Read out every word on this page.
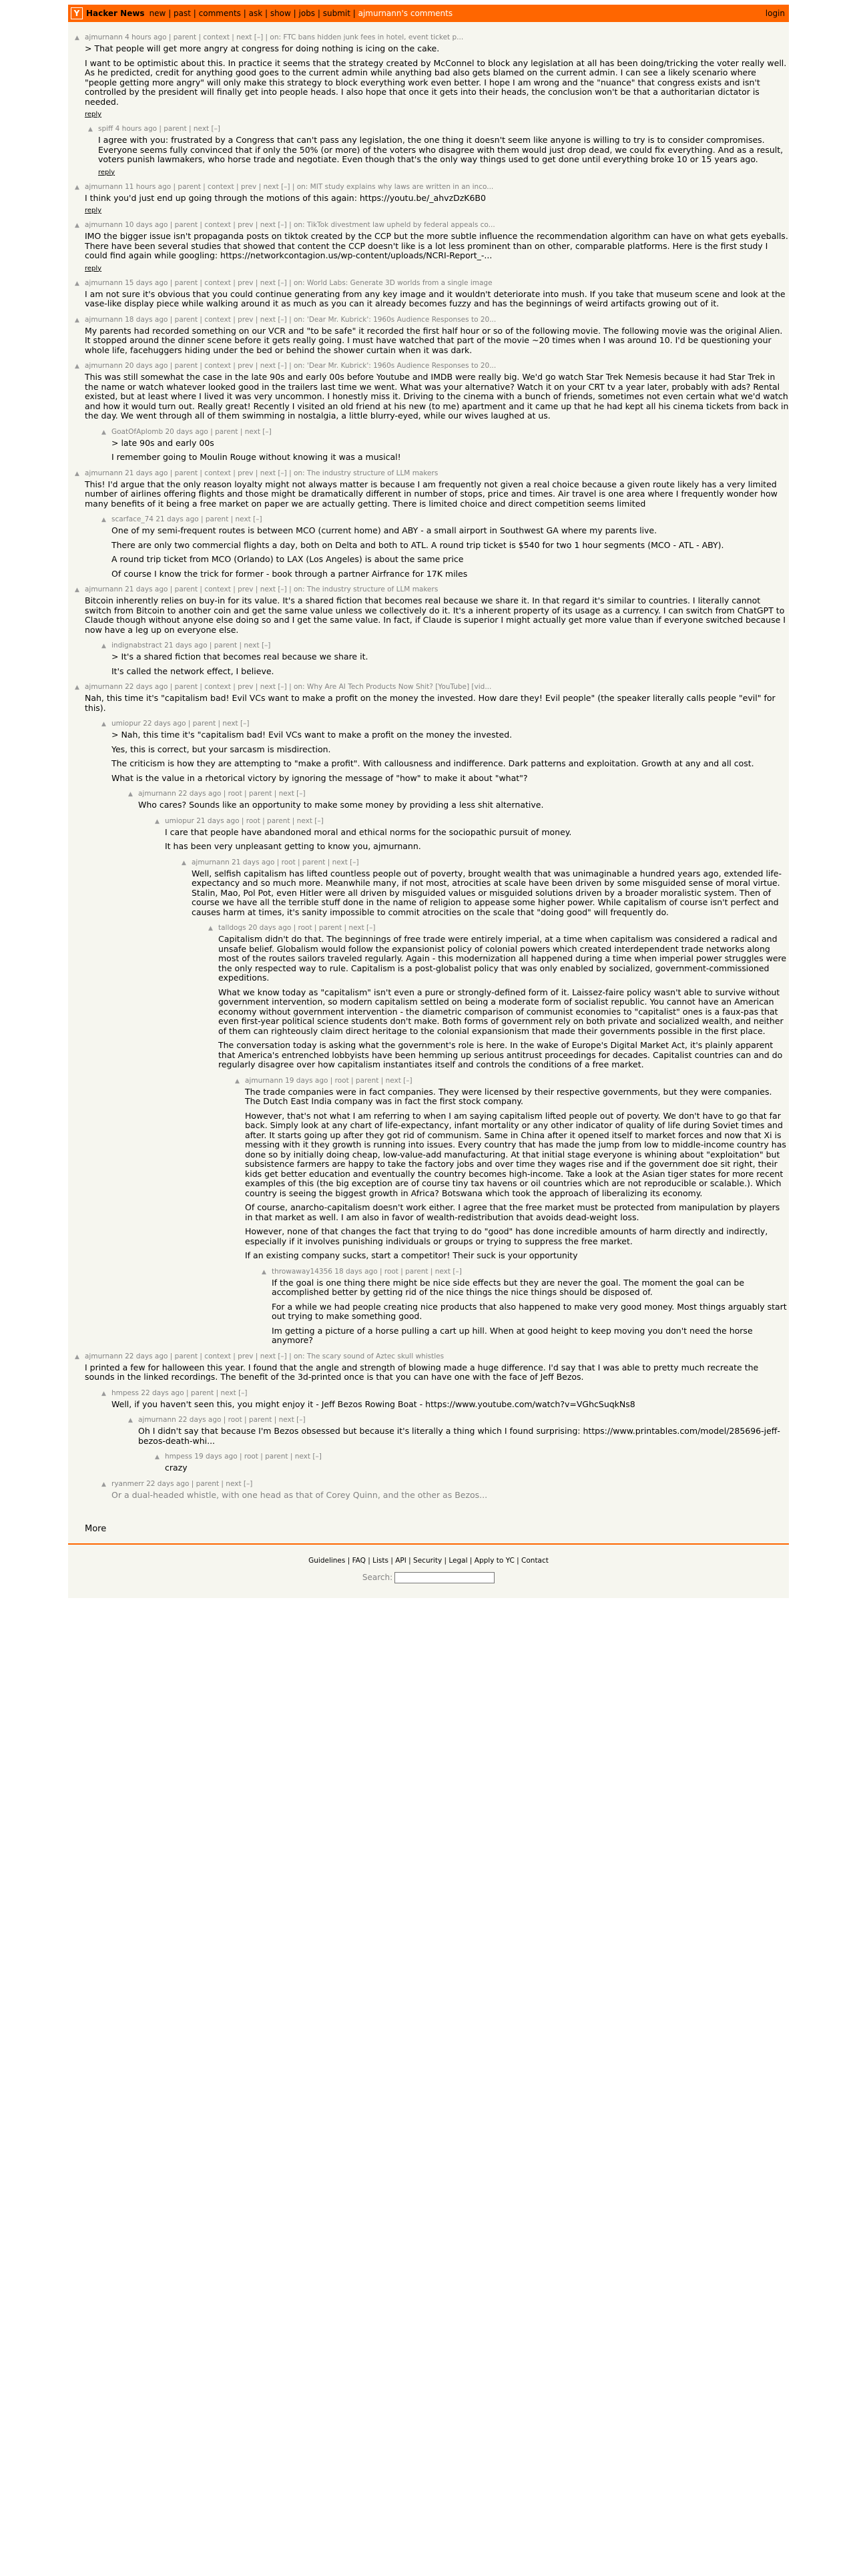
Y Hacker News new | past | comments | ask | show | jobs | submit | ajmurnann's comments	login
▲ ajmurnann 4 hours ago | parent | context | next [–] | on: FTC bans hidden junk fees in hotel, event ticket p...

> That people will get more angry at congress for doing nothing is icing on the cake.

I want to be optimistic about this. In practice it seems that the strategy created by McConnel to block any legislation at all has been doing/tricking the voter really well. As he predicted, credit for anything good goes to the current admin while anything bad also gets blamed on the current admin. I can see a likely scenario where "people getting more angry" will only make this strategy to block everything work even better. I hope I am wrong and the "nuance" that congress exists and isn't controlled by the president will finally get into people heads. I also hope that once it gets into their heads, the conclusion won't be that a authoritarian dictator is needed.

reply
▲ spiff 4 hours ago | parent | next [–]

I agree with you: frustrated by a Congress that can't pass any legislation, the one thing it doesn't seem like anyone is willing to try is to consider compromises. Everyone seems fully convinced that if only the 50% (or more) of the voters who disagree with them would just drop dead, we could fix everything. And as a result, voters punish lawmakers, who horse trade and negotiate. Even though that's the only way things used to get done until everything broke 10 or 15 years ago.

reply
▲ ajmurnann 11 hours ago | parent | context | prev | next [–] | on: MIT study explains why laws are written in an inco...

I think you'd just end up going through the motions of this again: https://youtu.be/_ahvzDzK6B0

reply
▲ ajmurnann 10 days ago | parent | context | prev | next [–] | on: TikTok divestment law upheld by federal appeals co...

IMO the bigger issue isn't propaganda posts on tiktok created by the CCP but the more subtle influence the recommendation algorithm can have on what gets eyeballs. There have been several studies that showed that content the CCP doesn't like is a lot less prominent than on other, comparable platforms. Here is the first study I could find again while googling: https://networkcontagion.us/wp-content/uploads/NCRI-Report_-...

reply
▲ ajmurnann 15 days ago | parent | context | prev | next [–] | on: World Labs: Generate 3D worlds from a single image

I am not sure it's obvious that you could continue generating from any key image and it wouldn't deteriorate into mush. If you take that museum scene and look at the vase-like display piece while walking around it as much as you can it already becomes fuzzy and has the beginnings of weird artifacts growing out of it.

▲ ajmurnann 18 days ago | parent | context | prev | next [–] | on: 'Dear Mr. Kubrick': 1960s Audience Responses to 20...

My parents had recorded something on our VCR and "to be safe" it recorded the first half hour or so of the following movie. The following movie was the original Alien. It stopped around the dinner scene before it gets really going. I must have watched that part of the movie ~20 times when I was around 10. I'd be questioning your whole life, facehuggers hiding under the bed or behind the shower curtain when it was dark.

▲ ajmurnann 20 days ago | parent | context | prev | next [–] | on: 'Dear Mr. Kubrick': 1960s Audience Responses to 20...

This was still somewhat the case in the late 90s and early 00s before Youtube and IMDB were really big. We'd go watch Star Trek Nemesis because it had Star Trek in the name or watch whatever looked good in the trailers last time we went. What was your alternative? Watch it on your CRT tv a year later, probably with ads? Rental existed, but at least where I lived it was very uncommon. I honestly miss it. Driving to the cinema with a bunch of friends, sometimes not even certain what we'd watch and how it would turn out. Really great! Recently I visited an old friend at his new (to me) apartment and it came up that he had kept all his cinema tickets from back in the day. We went through all of them swimming in nostalgia, a little blurry-eyed, while our wives laughed at us.

▲ GoatOfAplomb 20 days ago | parent | next [–]

> late 90s and early 00s

I remember going to Moulin Rouge without knowing it was a musical!

▲ ajmurnann 21 days ago | parent | context | prev | next [–] | on: The industry structure of LLM makers

This! I'd argue that the only reason loyalty might not always matter is because I am frequently not given a real choice because a given route likely has a very limited number of airlines offering flights and those might be dramatically different in number of stops, price and times. Air travel is one area where I frequently wonder how many benefits of it being a free market on paper we are actually getting. There is limited choice and direct competition seems limited

▲ scarface_74 21 days ago | parent | next [–]

One of my semi-frequent routes is between MCO (current home) and ABY - a small airport in Southwest GA where my parents live.

There are only two commercial flights a day, both on Delta and both to ATL. A round trip ticket is $540 for two 1 hour segments (MCO - ATL - ABY).

A round trip ticket from MCO (Orlando) to LAX (Los Angeles) is about the same price

Of course I know the trick for former - book through a partner Airfrance for 17K miles

▲ ajmurnann 21 days ago | parent | context | prev | next [–] | on: The industry structure of LLM makers

Bitcoin inherently relies on buy-in for its value. It's a shared fiction that becomes real because we share it. In that regard it's similar to countries. I literally cannot switch from Bitcoin to another coin and get the same value unless we collectively do it. It's a inherent property of its usage as a currency. I can switch from ChatGPT to Claude though without anyone else doing so and I get the same value. In fact, if Claude is superior I might actually get more value than if everyone switched because I now have a leg up on everyone else.

▲ indignabstract 21 days ago | parent | next [–]

> It's a shared fiction that becomes real because we share it.

It's called the network effect, I believe.

▲ ajmurnann 22 days ago | parent | context | prev | next [–] | on: Why Are AI Tech Products Now Shit? [YouTube] [vid...

Nah, this time it's "capitalism bad! Evil VCs want to make a profit on the money the invested. How dare they! Evil people" (the speaker literally calls people "evil" for this).

▲ umiopur 22 days ago | parent | next [–]

> Nah, this time it's "capitalism bad! Evil VCs want to make a profit on the money the invested.

Yes, this is correct, but your sarcasm is misdirection.

The criticism is how they are attempting to "make a profit". With callousness and indifference. Dark patterns and exploitation. Growth at any and all cost.

What is the value in a rhetorical victory by ignoring the message of "how" to make it about "what"?

▲ ajmurnann 22 days ago | root | parent | next [–]

Who cares? Sounds like an opportunity to make some money by providing a less shit alternative.

▲ umiopur 21 days ago | root | parent | next [–]

I care that people have abandoned moral and ethical norms for the sociopathic pursuit of money.

It has been very unpleasant getting to know you, ajmurnann.

▲ ajmurnann 21 days ago | root | parent | next [–]

Well, selfish capitalism has lifted countless people out of poverty, brought wealth that was unimaginable a hundred years ago, extended life-expectancy and so much more. Meanwhile many, if not most, atrocities at scale have been driven by some misguided sense of moral virtue. Stalin, Mao, Pol Pot, even Hitler were all driven by misguided values or misguided solutions driven by a broader moralistic system. Then of course we have all the terrible stuff done in the name of religion to appease some higher power. While capitalism of course isn't perfect and causes harm at times, it's sanity impossible to commit atrocities on the scale that "doing good" will frequently do.

▲ talldogs 20 days ago | root | parent | next [–]

Capitalism didn't do that. The beginnings of free trade were entirely imperial, at a time when capitalism was considered a radical and unsafe belief. Globalism would follow the expansionist policy of colonial powers which created interdependent trade networks along most of the routes sailors traveled regularly. Again - this modernization all happened during a time when imperial power struggles were the only respected way to rule. Capitalism is a post-globalist policy that was only enabled by socialized, government-commissioned expeditions.

What we know today as "capitalism" isn't even a pure or strongly-defined form of it. Laissez-faire policy wasn't able to survive without government intervention, so modern capitalism settled on being a moderate form of socialist republic. You cannot have an American economy without government intervention - the diametric comparison of communist economies to "capitalist" ones is a faux-pas that even first-year political science students don't make. Both forms of government rely on both private and socialized wealth, and neither of them can righteously claim direct heritage to the colonial expansionism that made their governments possible in the first place.

The conversation today is asking what the government's role is here. In the wake of Europe's Digital Market Act, it's plainly apparent that America's entrenched lobbyists have been hemming up serious antitrust proceedings for decades. Capitalist countries can and do regularly disagree over how capitalism instantiates itself and controls the conditions of a free market.

▲ ajmurnann 19 days ago | root | parent | next [–]

The trade companies were in fact companies. They were licensed by their respective governments, but they were companies. The Dutch East India company was in fact the first stock company.

However, that's not what I am referring to when I am saying capitalism lifted people out of poverty. We don't have to go that far back. Simply look at any chart of life-expectancy, infant mortality or any other indicator of quality of life during Soviet times and after. It starts going up after they got rid of communism. Same in China after it opened itself to market forces and now that Xi is messing with it they growth is running into issues. Every country that has made the jump from low to middle-income country has done so by initially doing cheap, low-value-add manufacturing. At that initial stage everyone is whining about "exploitation" but subsistence farmers are happy to take the factory jobs and over time they wages rise and if the government doe sit right, their kids get better education and eventually the country becomes high-income. Take a look at the Asian tiger states for more recent examples of this (the big exception are of course tiny tax havens or oil countries which are not reproducible or scalable.). Which country is seeing the biggest growth in Africa? Botswana which took the approach of liberalizing its economy.

Of course, anarcho-capitalism doesn't work either. I agree that the free market must be protected from manipulation by players in that market as well. I am also in favor of wealth-redistribution that avoids dead-weight loss.

However, none of that changes the fact that trying to do "good" has done incredible amounts of harm directly and indirectly, especially if it involves punishing individuals or groups or trying to suppress the free market.

If an existing company sucks, start a competitor! Their suck is your opportunity

▲ throwaway14356 18 days ago | root | parent | next [–]

If the goal is one thing there might be nice side effects but they are never the goal. The moment the goal can be accomplished better by getting rid of the nice things the nice things should be disposed of.

For a while we had people creating nice products that also happened to make very good money. Most things arguably start out trying to make something good.

Im getting a picture of a horse pulling a cart up hill. When at good height to keep moving you don't need the horse anymore?

▲ ajmurnann 22 days ago | parent | context | prev | next [–] | on: The scary sound of Aztec skull whistles

I printed a few for halloween this year. I found that the angle and strength of blowing made a huge difference. I'd say that I was able to pretty much recreate the sounds in the linked recordings. The benefit of the 3d-printed once is that you can have one with the face of Jeff Bezos.

▲ hmpess 22 days ago | parent | next [–]

Well, if you haven't seen this, you might enjoy it - Jeff Bezos Rowing Boat - https://www.youtube.com/watch?v=VGhcSuqkNs8

▲ ajmurnann 22 days ago | root | parent | next [–]

Oh I didn't say that because I'm Bezos obsessed but because it's literally a thing which I found surprising: https://www.printables.com/model/285696-jeff-bezos-death-whi...

▲ hmpess 19 days ago | root | parent | next [–]

crazy

▲ ryanmerr 22 days ago | parent | next [–]

Or a dual-headed whistle, with one head as that of Corey Quinn, and the other as Bezos...

More
Guidelines | FAQ | Lists | API | Security | Legal | Apply to YC | Contact
Search:
